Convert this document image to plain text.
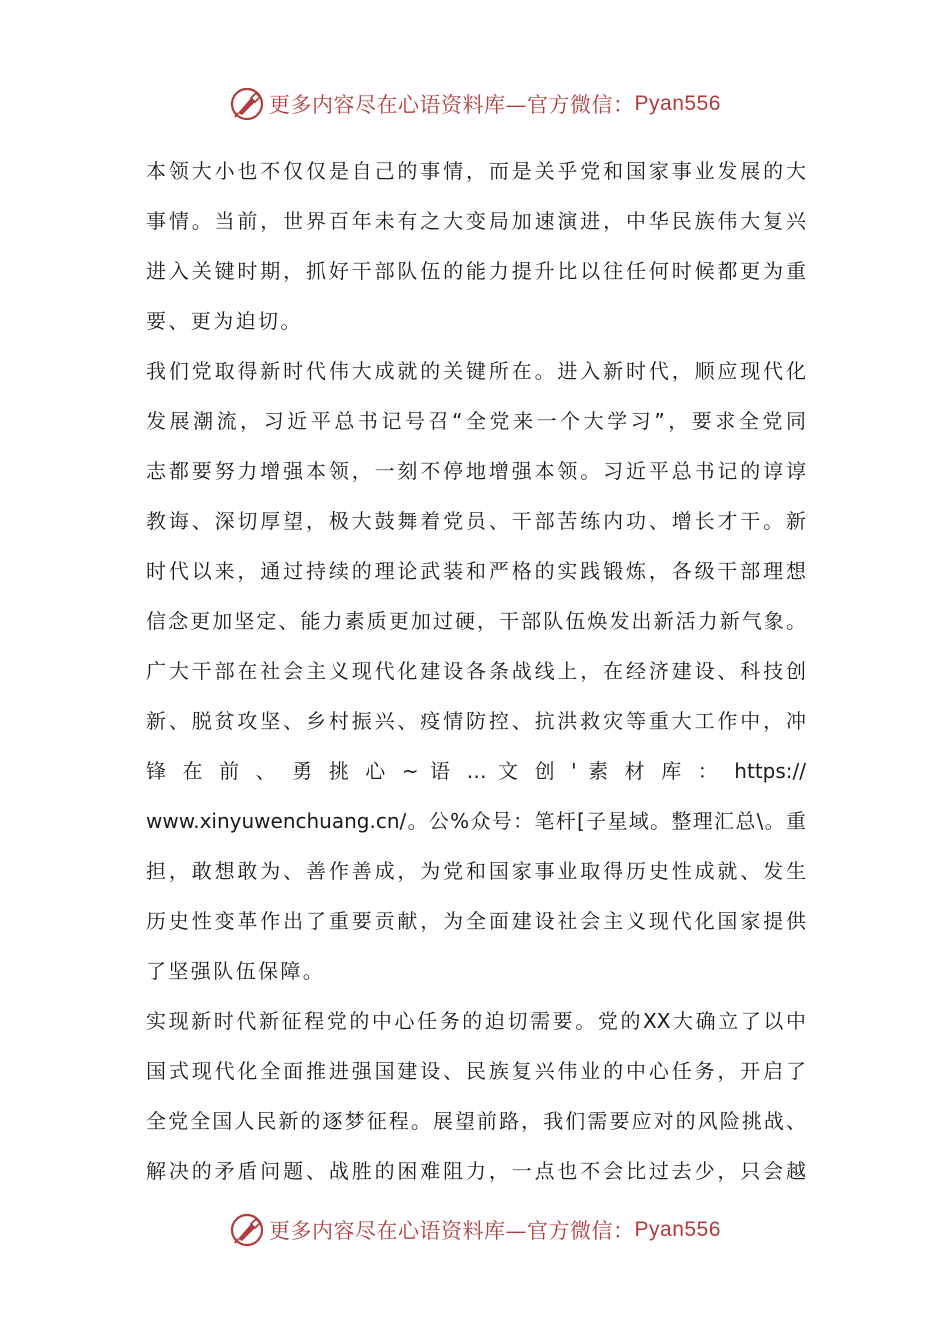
更多内容尽在心语资料库—官方微信： Pyan556
本领大小也不仅仅是自己的事情，而是关乎党和国家事业发展的大
事情。当前，世界百年未有之大变局加速演进，中华民族伟大复兴
进入关键时期，抓好干部队伍的能力提升比以往任何时候都更为重
要、更为迫切。
我们党取得新时代伟大成就的关键所在。进入新时代，顺应现代化
发展潮流，习近平总书记号召“全党来一个大学习”，要求全党同
志都要努力增强本领，一刻不停地增强本领。习近平总书记的谆谆
教诲、深切厚望，极大鼓舞着党员、干部苦练内功、增长才干。新
时代以来，通过持续的理论武装和严格的实践锻炼，各级干部理想
信念更加坚定、能力素质更加过硬，干部队伍焕发出新活力新气象。
广大干部在社会主义现代化建设各条战线上，在经济建设、科技创
新、脱贫攻坚、乡村振兴、疫情防控、抗洪救灾等重大工作中，冲
锋 在 前 、 勇 挑 心 ~ 语 … 文 创 ' 素 材 库 ： https://
www.xinyuwenchuang.cn/。公%众号：笔杆[子星域。整理汇总\。重
担，敢想敢为、善作善成，为党和国家事业取得历史性成就、发生
历史性变革作出了重要贡献，为全面建设社会主义现代化国家提供
了坚强队伍保障。
实现新时代新征程党的中心任务的迫切需要。党的XX大确立了以中
国式现代化全面推进强国建设、民族复兴伟业的中心任务，开启了
全党全国人民新的逐梦征程。展望前路，我们需要应对的风险挑战、
解决的矛盾问题、战胜的困难阻力，一点也不会比过去少，只会越
更多内容尽在心语资料库—官方微信： Pyan556
